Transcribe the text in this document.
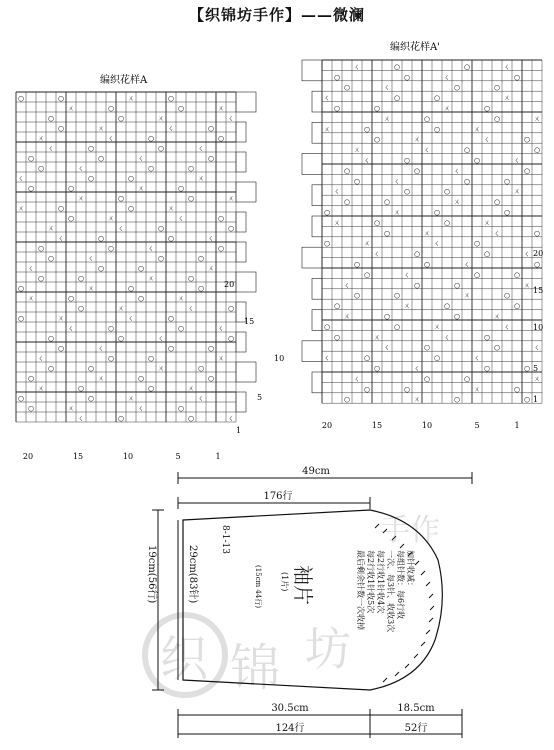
【织锦坊手作】——微澜
编织花样A
○	○	ㄨ	○
ㄨ	○	○	ㄨ
○	○	ㄨ	ㄑ
○	ㄨ	ㄑ	○
ㄨ	ㄑ	○	○
ㄑ	○	○	ㄑ
○	○	ㄑ	○
○	ㄑ	○	○
ㄑ	○	○	ㄨ
○	○	ㄨ	○
ㄨ	○	○	ㄨ
ㄨ	○	○	ㄨ
○	ㄨ	ㄑ	○
ㄨ	ㄑ	○	○
ㄑ	○	○	ㄑ
○	○	ㄑ	○
○	ㄑ	○	○
ㄑ	○	○	ㄨ
○	○	ㄨ	○
○	ㄨ	○	○
ㄨ	○	○	ㄨ
○	ㄨ	ㄑ	○
○	ㄨ	ㄑ	○
ㄑ	○	○	ㄑ
○	○	ㄑ	○
○	ㄑ	○	○
ㄑ	○	○	ㄨ
○	○	ㄨ	○
○	ㄨ	○	○
ㄨ	○	○	ㄨ
○	○	ㄨ	ㄑ
○	ㄨ	ㄑ	○
ㄑ	○	○	ㄑ
20	15	10	5	1
20
15
10
5
1
编织花样A'
ㄑ	○	○	ㄑ
○	○	ㄑ	○
○	ㄑ	○	○
ㄑ	○	○	ㄨ
○	○	ㄨ	○
ㄨ	○	○	ㄨ
ㄨ	○	○	ㄨ
○	ㄨ	ㄑ	○
ㄨ	ㄑ	○	○
ㄑ	○	○	ㄑ
○	○	ㄑ	○
○	ㄑ	○	○
ㄑ	○	○	ㄨ
○	○	ㄨ	○
○	ㄨ	○	○
ㄨ	○	○	ㄨ
○	ㄨ	ㄑ	○
○	ㄨ	ㄑ	○
ㄑ	○	○	ㄑ
○	○	ㄑ	○
○	ㄑ	○	○
ㄑ	○	○	ㄨ
○	○	ㄨ	○
○	ㄨ	○	○
ㄨ	○	○	ㄨ
○	○	ㄨ	ㄑ
○	ㄨ	ㄑ	○
ㄑ	○	○	ㄑ
ㄑ	○	○	ㄑ
○	ㄑ	○	○
ㄑ	○	○	ㄨ
○	○	ㄨ	○
○	ㄨ	○	○
20	15	10	5	1
20
15
10
5
1
织 锦 坊
手作
49cm
176行
30.5cm
124行
18.5cm
52行
19cm(56行)	29cm(83针)
8-1-13
(15cm 44行) 袖片
(1片)	加针收减：
每组针数：每6行收
一次、每3针、收收3次
每2行收1针收4次
每2行收1针收5次
最后剩余针数一次收掉
